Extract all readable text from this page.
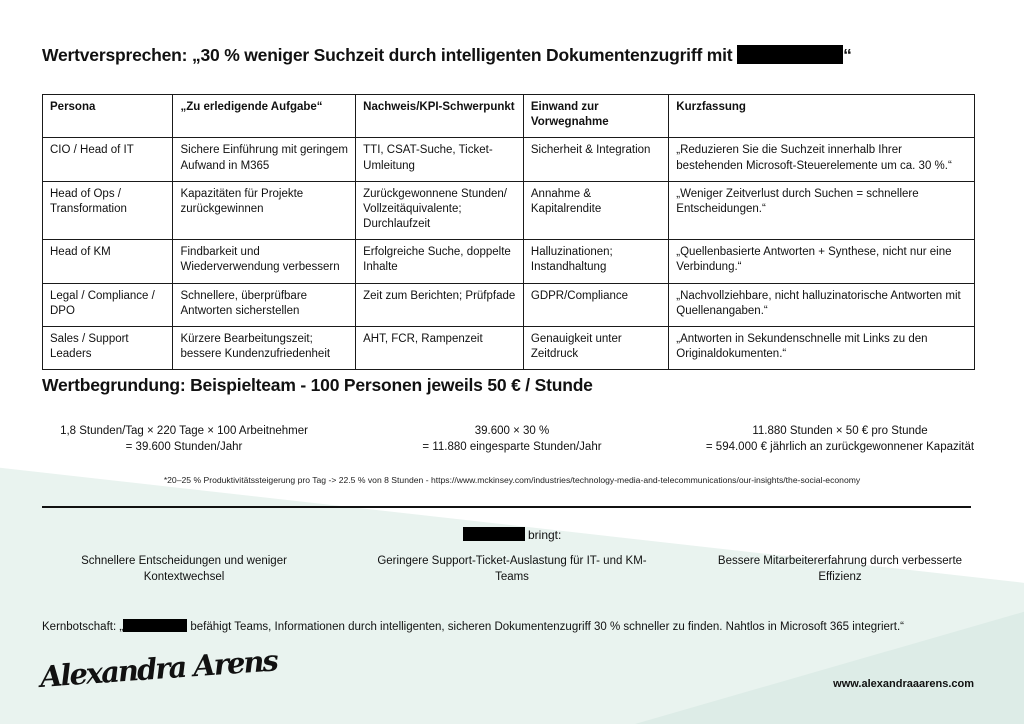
Wertversprechen: „30 % weniger Suchzeit durch intelligenten Dokumentenzugriff mit	“
Persona	„Zu erledigende Aufgabe“	Nachweis/KPI-Schwerpunkt	Einwand zur Vorwegnahme	Kurzfassung
CIO / Head of IT	Sichere Einführung mit geringem Aufwand in M365	TTI, CSAT-Suche, Ticket-Umleitung	Sicherheit & Integration	„Reduzieren Sie die Suchzeit innerhalb Ihrer bestehenden Microsoft-Steuerelemente um ca. 30 %.“
Head of Ops / Transformation	Kapazitäten für Projekte zurückgewinnen	Zurückgewonnene Stunden/ Vollzeitäquivalente; Durchlaufzeit	Annahme & Kapitalrendite	„Weniger Zeitverlust durch Suchen = schnellere Entscheidungen.“
Head of KM	Findbarkeit und Wiederverwendung verbessern	Erfolgreiche Suche, doppelte Inhalte	Halluzinationen; Instandhaltung	„Quellenbasierte Antworten + Synthese, nicht nur eine Verbindung.“
Legal / Compliance / DPO	Schnellere, überprüfbare Antworten sicherstellen	Zeit zum Berichten; Prüfpfade	GDPR/Compliance	„Nachvollziehbare, nicht halluzinatorische Antworten mit Quellenangaben.“
Sales / Support Leaders	Kürzere Bearbeitungszeit; bessere Kundenzufriedenheit	AHT, FCR, Rampenzeit	Genauigkeit unter Zeitdruck	„Antworten in Sekundenschnelle mit Links zu den Originaldokumenten.“
Wertbegrundung: Beispielteam - 100 Personen jeweils 50 € / Stunde
1,8 Stunden/Tag × 220 Tage × 100 Arbeitnehmer
= 39.600 Stunden/Jahr
39.600 × 30 %
= 11.880 eingesparte Stunden/Jahr
11.880 Stunden × 50 € pro Stunde
= 594.000 € jährlich an zurückgewonnener Kapazität
*20–25 % Produktivitätssteigerung pro Tag -> 22.5 % von 8 Stunden - https://www.mckinsey.com/industries/technology-media-and-telecommunications/our-insights/the-social-economy
bringt:
Schnellere Entscheidungen und weniger Kontextwechsel
Geringere Support-Ticket-Auslastung für IT- und KM-Teams
Bessere Mitarbeitererfahrung durch verbesserte Effizienz
Kernbotschaft: „	befähigt Teams, Informationen durch intelligenten, sicheren Dokumentenzugriff 30 % schneller zu finden. Nahtlos in Microsoft 365 integriert.“
Alexandra Arens	www.alexandraaarens.com
